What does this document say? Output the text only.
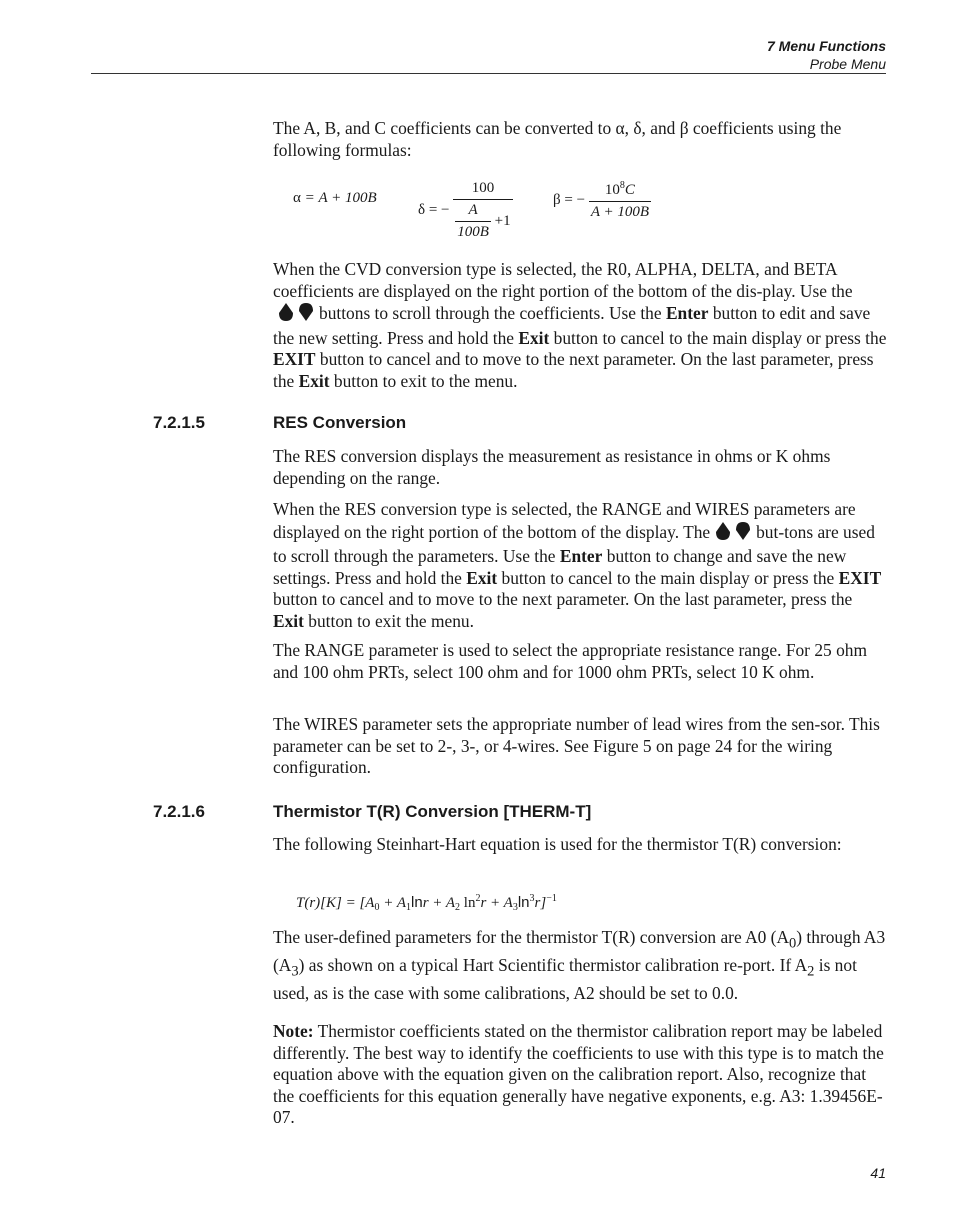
7 Menu Functions
Probe Menu

The A, B, and C coefficients can be converted to α, δ, and β coefficients using the following formulas:

α = A + 100B
δ = − $\frac{100}{\frac{A}{100B} +1}$	β = − $\frac{10^8C}{A + 100B}$

When the CVD conversion type is selected, the R0, ALPHA, DELTA, and BETA coefficients are displayed on the right portion of the bottom of the dis-play. Use thebuttons to scroll through the coefficients. Use the Enter button to edit and save the new setting. Press and hold the Exit button to cancel to the main display or press the EXIT button to cancel and to move to the next parameter. On the last parameter, press the Exit button to exit to the menu.

7.2.1.5	RES Conversion

The RES conversion displays the measurement as resistance in ohms or K ohms depending on the range.

When the RES conversion type is selected, the RANGE and WIRES parameters are displayed on the right portion of the bottom of the display. The	but-tons are used to scroll through the parameters. Use the Enter button to change and save the new settings. Press and hold the Exit button to cancel to the main display or press the EXIT button to cancel and to move to the next parameter. On the last parameter, press the Exit button to exit the menu.

The RANGE parameter is used to select the appropriate resistance range. For 25 ohm and 100 ohm PRTs, select 100 ohm and for 1000 ohm PRTs, select 10 K ohm.

The WIRES parameter sets the appropriate number of lead wires from the sen-sor. This parameter can be set to 2-, 3-, or 4-wires. See Figure 5 on page 24 for the wiring configuration.

7.2.1.6	Thermistor T(R) Conversion [THERM-T]

The following Steinhart-Hart equation is used for the thermistor T(R) conversion:

$T(r)[K] = [A_0 + A_1\ln r + A_2$ $\ln^2r + A_3\ln^3r]^{-1}$

The user-defined parameters for the thermistor T(R) conversion are A0 $(A_0)$ through A3 $(A_3)$ as shown on a typical Hart Scientific thermistor calibration re-port. If $A_2$ is not used, as is the case with some calibrations, A2 should be set to 0.0.

Note: Thermistor coefficients stated on the thermistor calibration report may be labeled differently. The best way to identify the coefficients to use with this type is to match the equation above with the equation given on the calibration report. Also, recognize that the coefficients for this equation generally have negative exponents, e.g. A3: 1.39456E-07.

41
